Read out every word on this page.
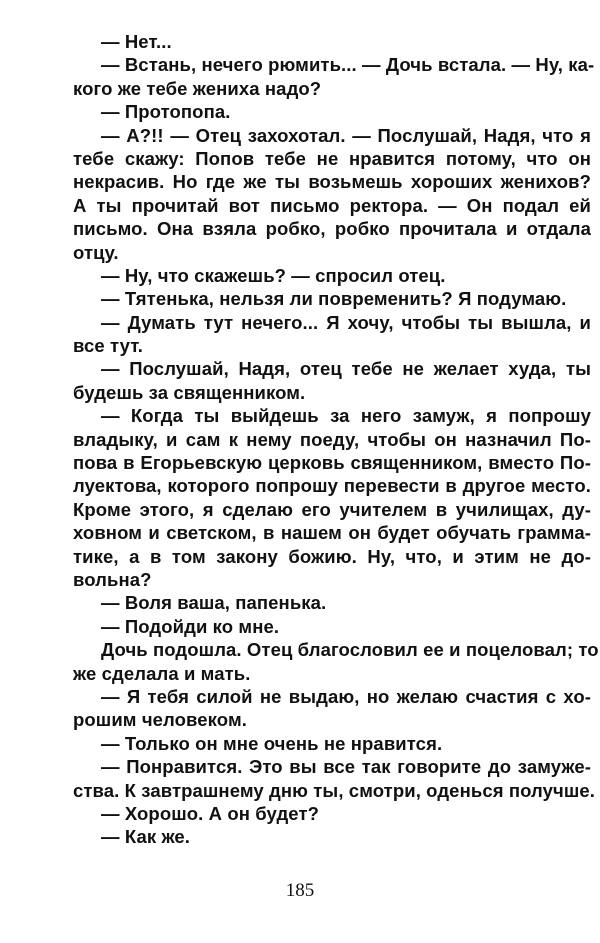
— Нет...
— Встань, нечего рюмить... — Дочь встала. — Ну, ка-
кого же тебе жениха надо?
— Протопопа.
— А?!! — Отец захохотал. — Послушай, Надя, что я
тебе скажу: Попов тебе не нравится потому, что он
некрасив. Но где же ты возьмешь хороших женихов?
А ты прочитай вот письмо ректора. — Он подал ей
письмо. Она взяла робко, робко прочитала и отдала
отцу.
— Ну, что скажешь? — спросил отец.
— Тятенька, нельзя ли повременить? Я подумаю.
— Думать тут нечего... Я хочу, чтобы ты вышла, и
все тут.
— Послушай, Надя, отец тебе не желает худа, ты
будешь за священником.
— Когда ты выйдешь за него замуж, я попрошу
владыку, и сам к нему поеду, чтобы он назначил По-
пова в Егорьевскую церковь священником, вместо По-
луектова, которого попрошу перевести в другое место.
Кроме этого, я сделаю его учителем в училищах, ду-
ховном и светском, в нашем он будет обучать грамма-
тике, а в том закону божию. Ну, что, и этим не до-
вольна?
— Воля ваша, папенька.
— Подойди ко мне.
Дочь подошла. Отец благословил ее и поцеловал; то
же сделала и мать.
— Я тебя силой не выдаю, но желаю счастия с хо-
рошим человеком.
— Только он мне очень не нравится.
— Понравится. Это вы все так говорите до замуже-
ства. К завтрашнему дню ты, смотри, оденься получше.
— Хорошо. А он будет?
— Как же.
185
